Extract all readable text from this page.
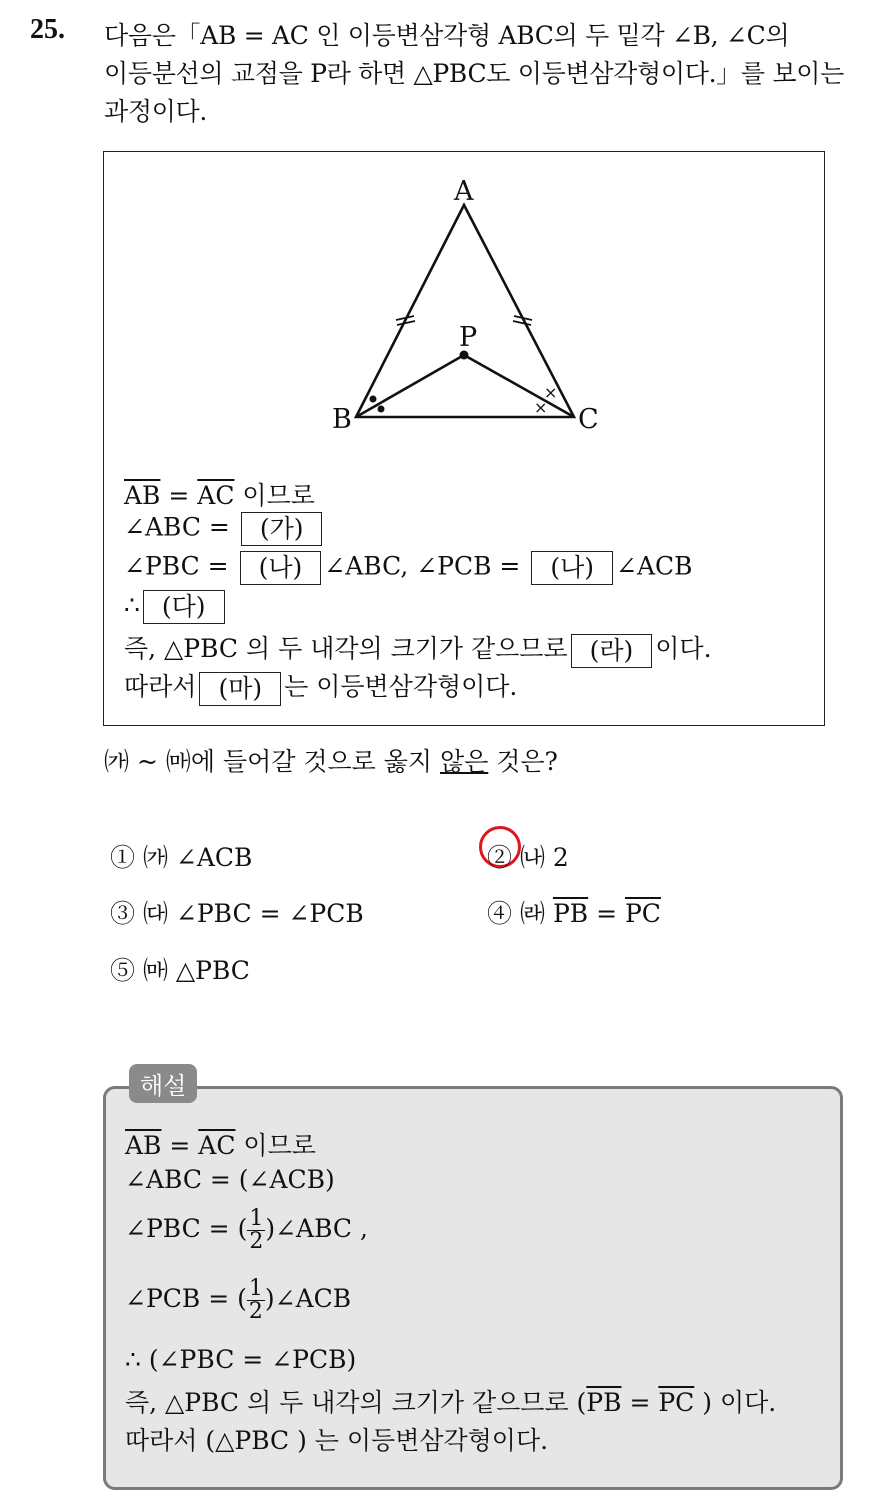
25. 다음은「AB = AC 인 이등변삼각형 ABC의 두 밑각 ∠B, ∠C의
이등분선의 교점을 P라 하면 △PBC도 이등변삼각형이다.」를 보이는
과정이다.
×
×
A
B	C
P
$\overline{AB} = \overline{AC}$ 이므로
∠ABC = (가)
∠PBC = (나) ∠ABC, ∠PCB = (나) ∠ACB
∴ (다)
즉, △PBC 의 두 내각의 크기가 같으므로 (라) 이다.
따라서 (마) 는 이등변삼각형이다.
㈎ ~ ㈒에 들어갈 것으로 옳지 않은 것은?
① ㈎ ∠ACB	② ㈏ 2
③ ㈐ ∠PBC = ∠PCB	④ ㈑ $\overline{PB} = \overline{PC}$
⑤ ㈒ △PBC
해설
$\overline{AB} = \overline{AC}$ 이므로
∠ABC = (∠ACB)
∠PBC = ( $\frac{1}{2}$ )∠ABC ,
∠PCB = ( $\frac{1}{2}$ )∠ACB
∴ (∠PBC = ∠PCB)
즉, △PBC 의 두 내각의 크기가 같으므로 ($\overline{PB} = \overline{PC}$ ) 이다.
따라서 (△PBC ) 는 이등변삼각형이다.
